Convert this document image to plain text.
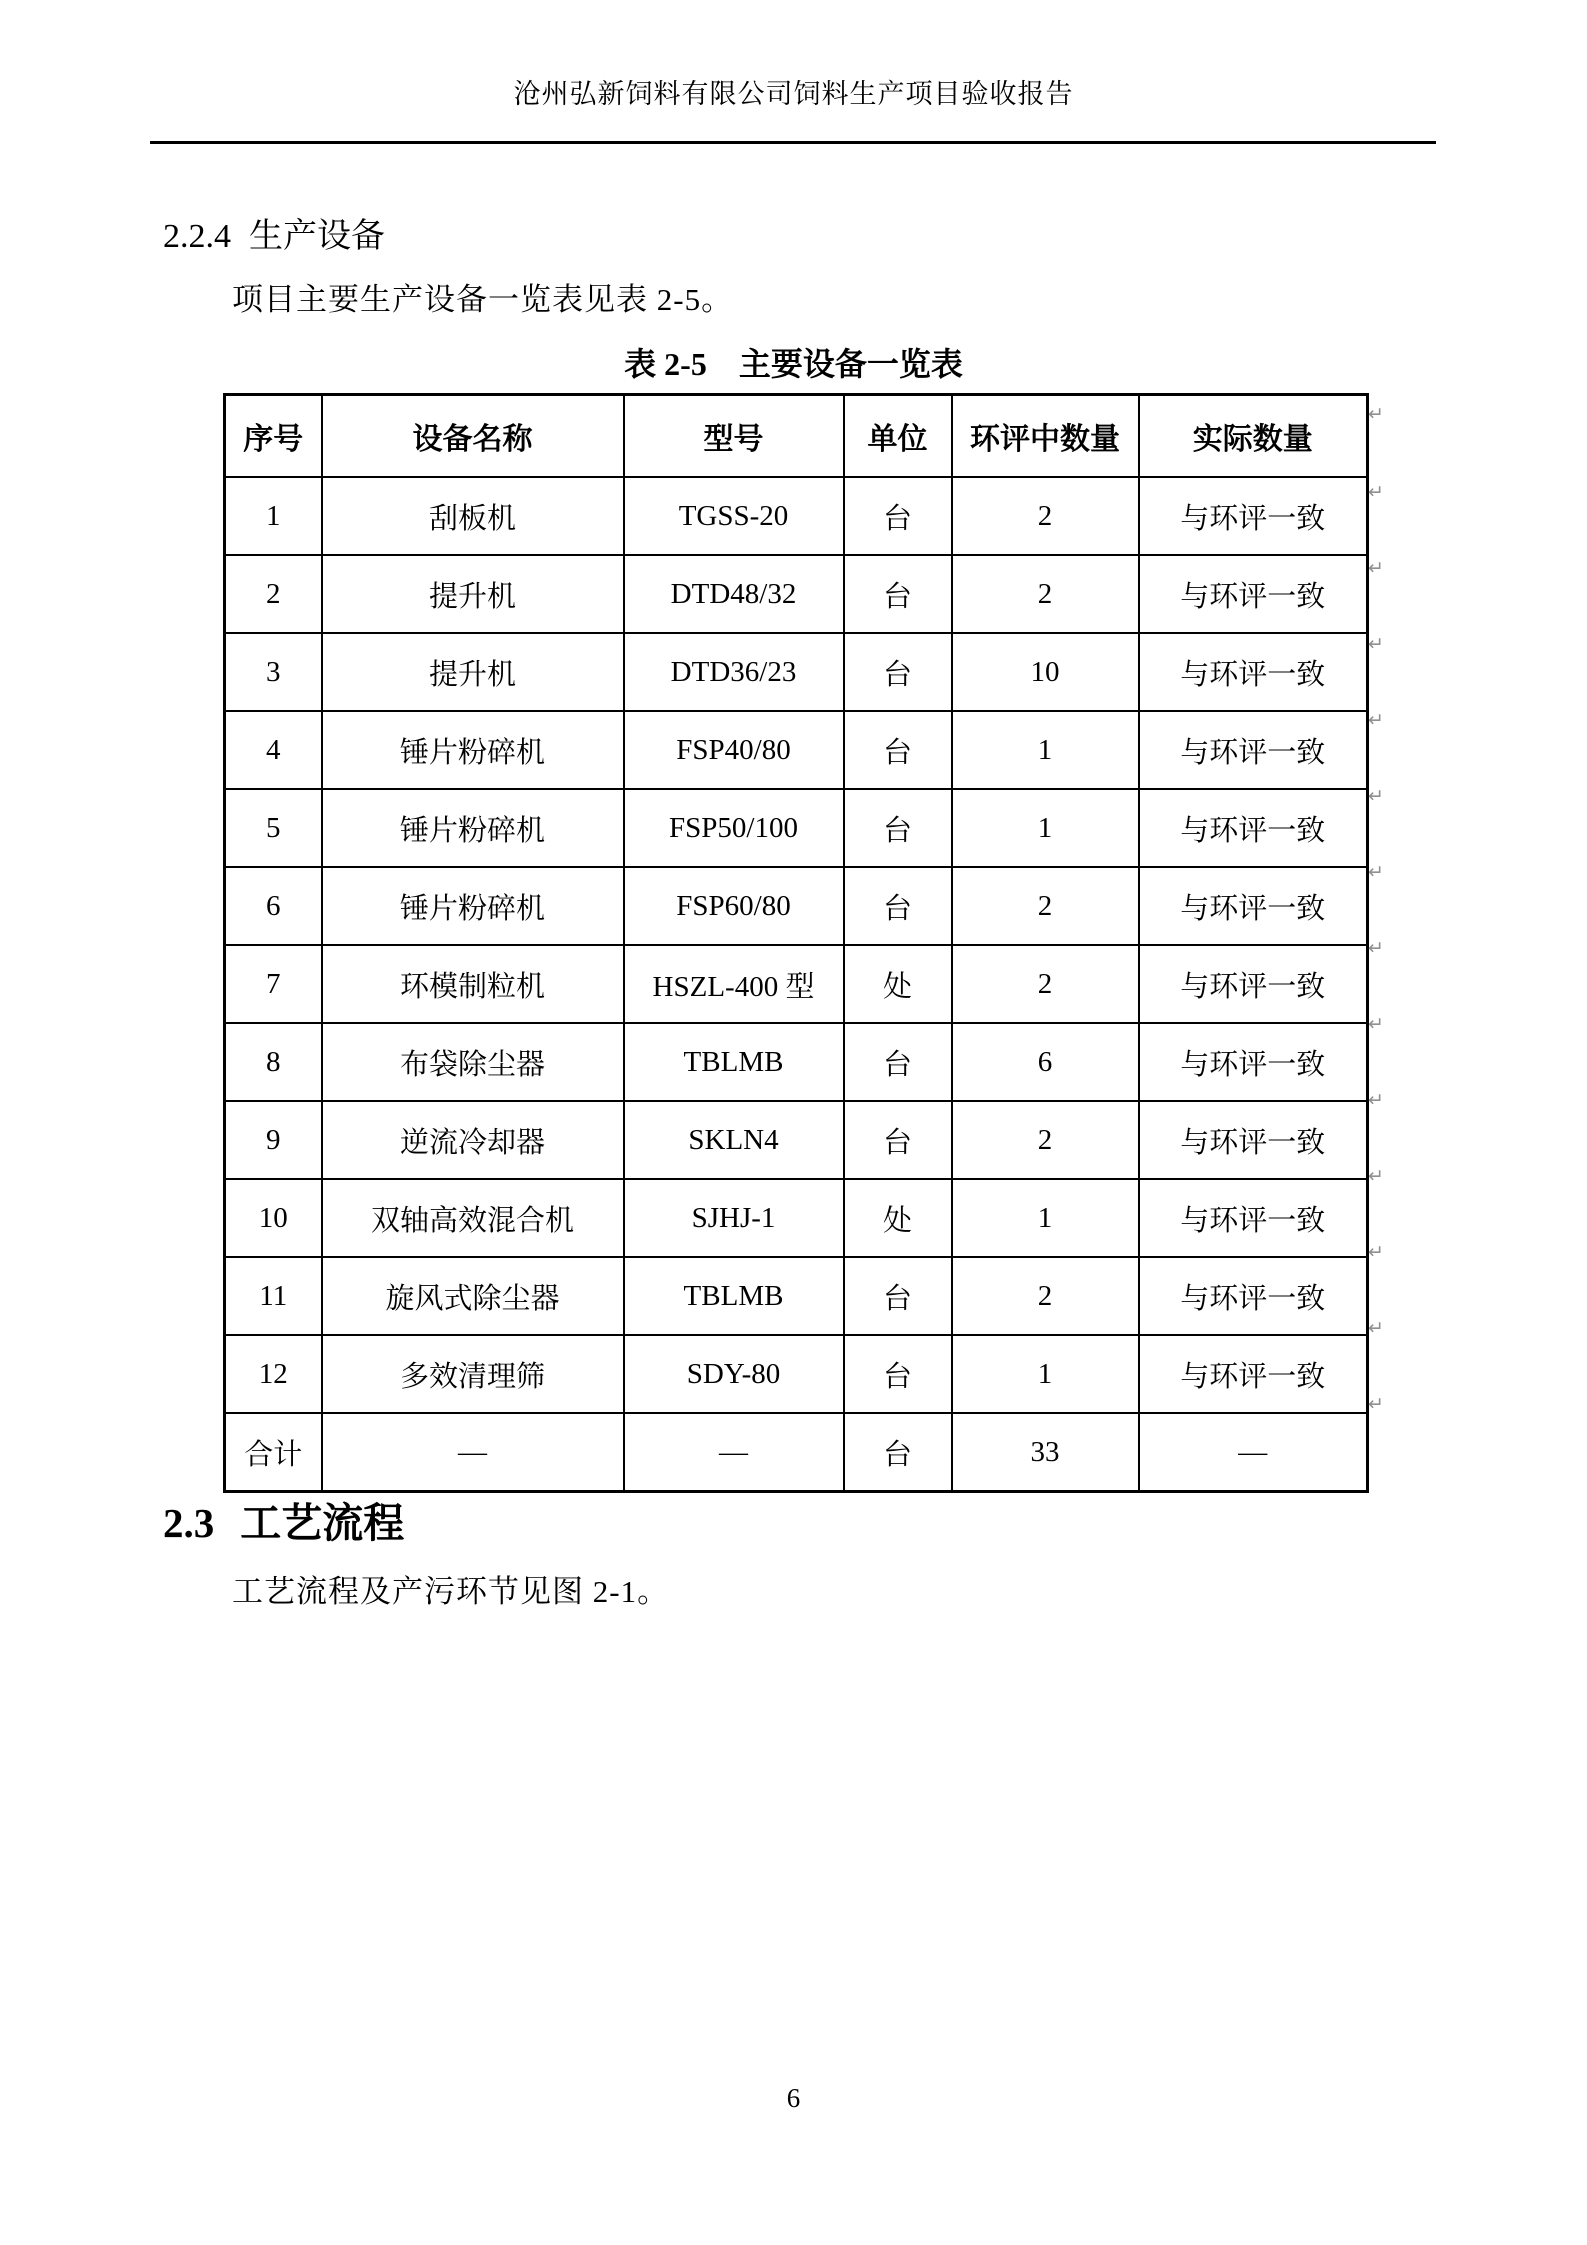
沧州弘新饲料有限公司饲料生产项目验收报告
2.2.4 生产设备

项目主要生产设备一览表见表 2-5。

表 2-5　主要设备一览表
序号	设备名称	型号	单位	环评中数量	实际数量
1	刮板机	TGSS-20	台	2	与环评一致
2	提升机	DTD48/32	台	2	与环评一致
3	提升机	DTD36/23	台	10	与环评一致
4	锤片粉碎机	FSP40/80	台	1	与环评一致
5	锤片粉碎机	FSP50/100	台	1	与环评一致
6	锤片粉碎机	FSP60/80	台	2	与环评一致
7	环模制粒机	HSZL-400 型	处	2	与环评一致
8	布袋除尘器	TBLMB	台	6	与环评一致
9	逆流冷却器	SKLN4	台	2	与环评一致
10	双轴高效混合机	SJHJ-1	处	1	与环评一致
11	旋风式除尘器	TBLMB	台	2	与环评一致
12	多效清理筛	SDY-80	台	1	与环评一致
合计	—	—	台	33	—
↵
↵
↵
↵
↵
↵
↵
↵
↵
↵
↵
↵
↵
↵
2.3 工艺流程

工艺流程及产污环节见图 2-1。

6
